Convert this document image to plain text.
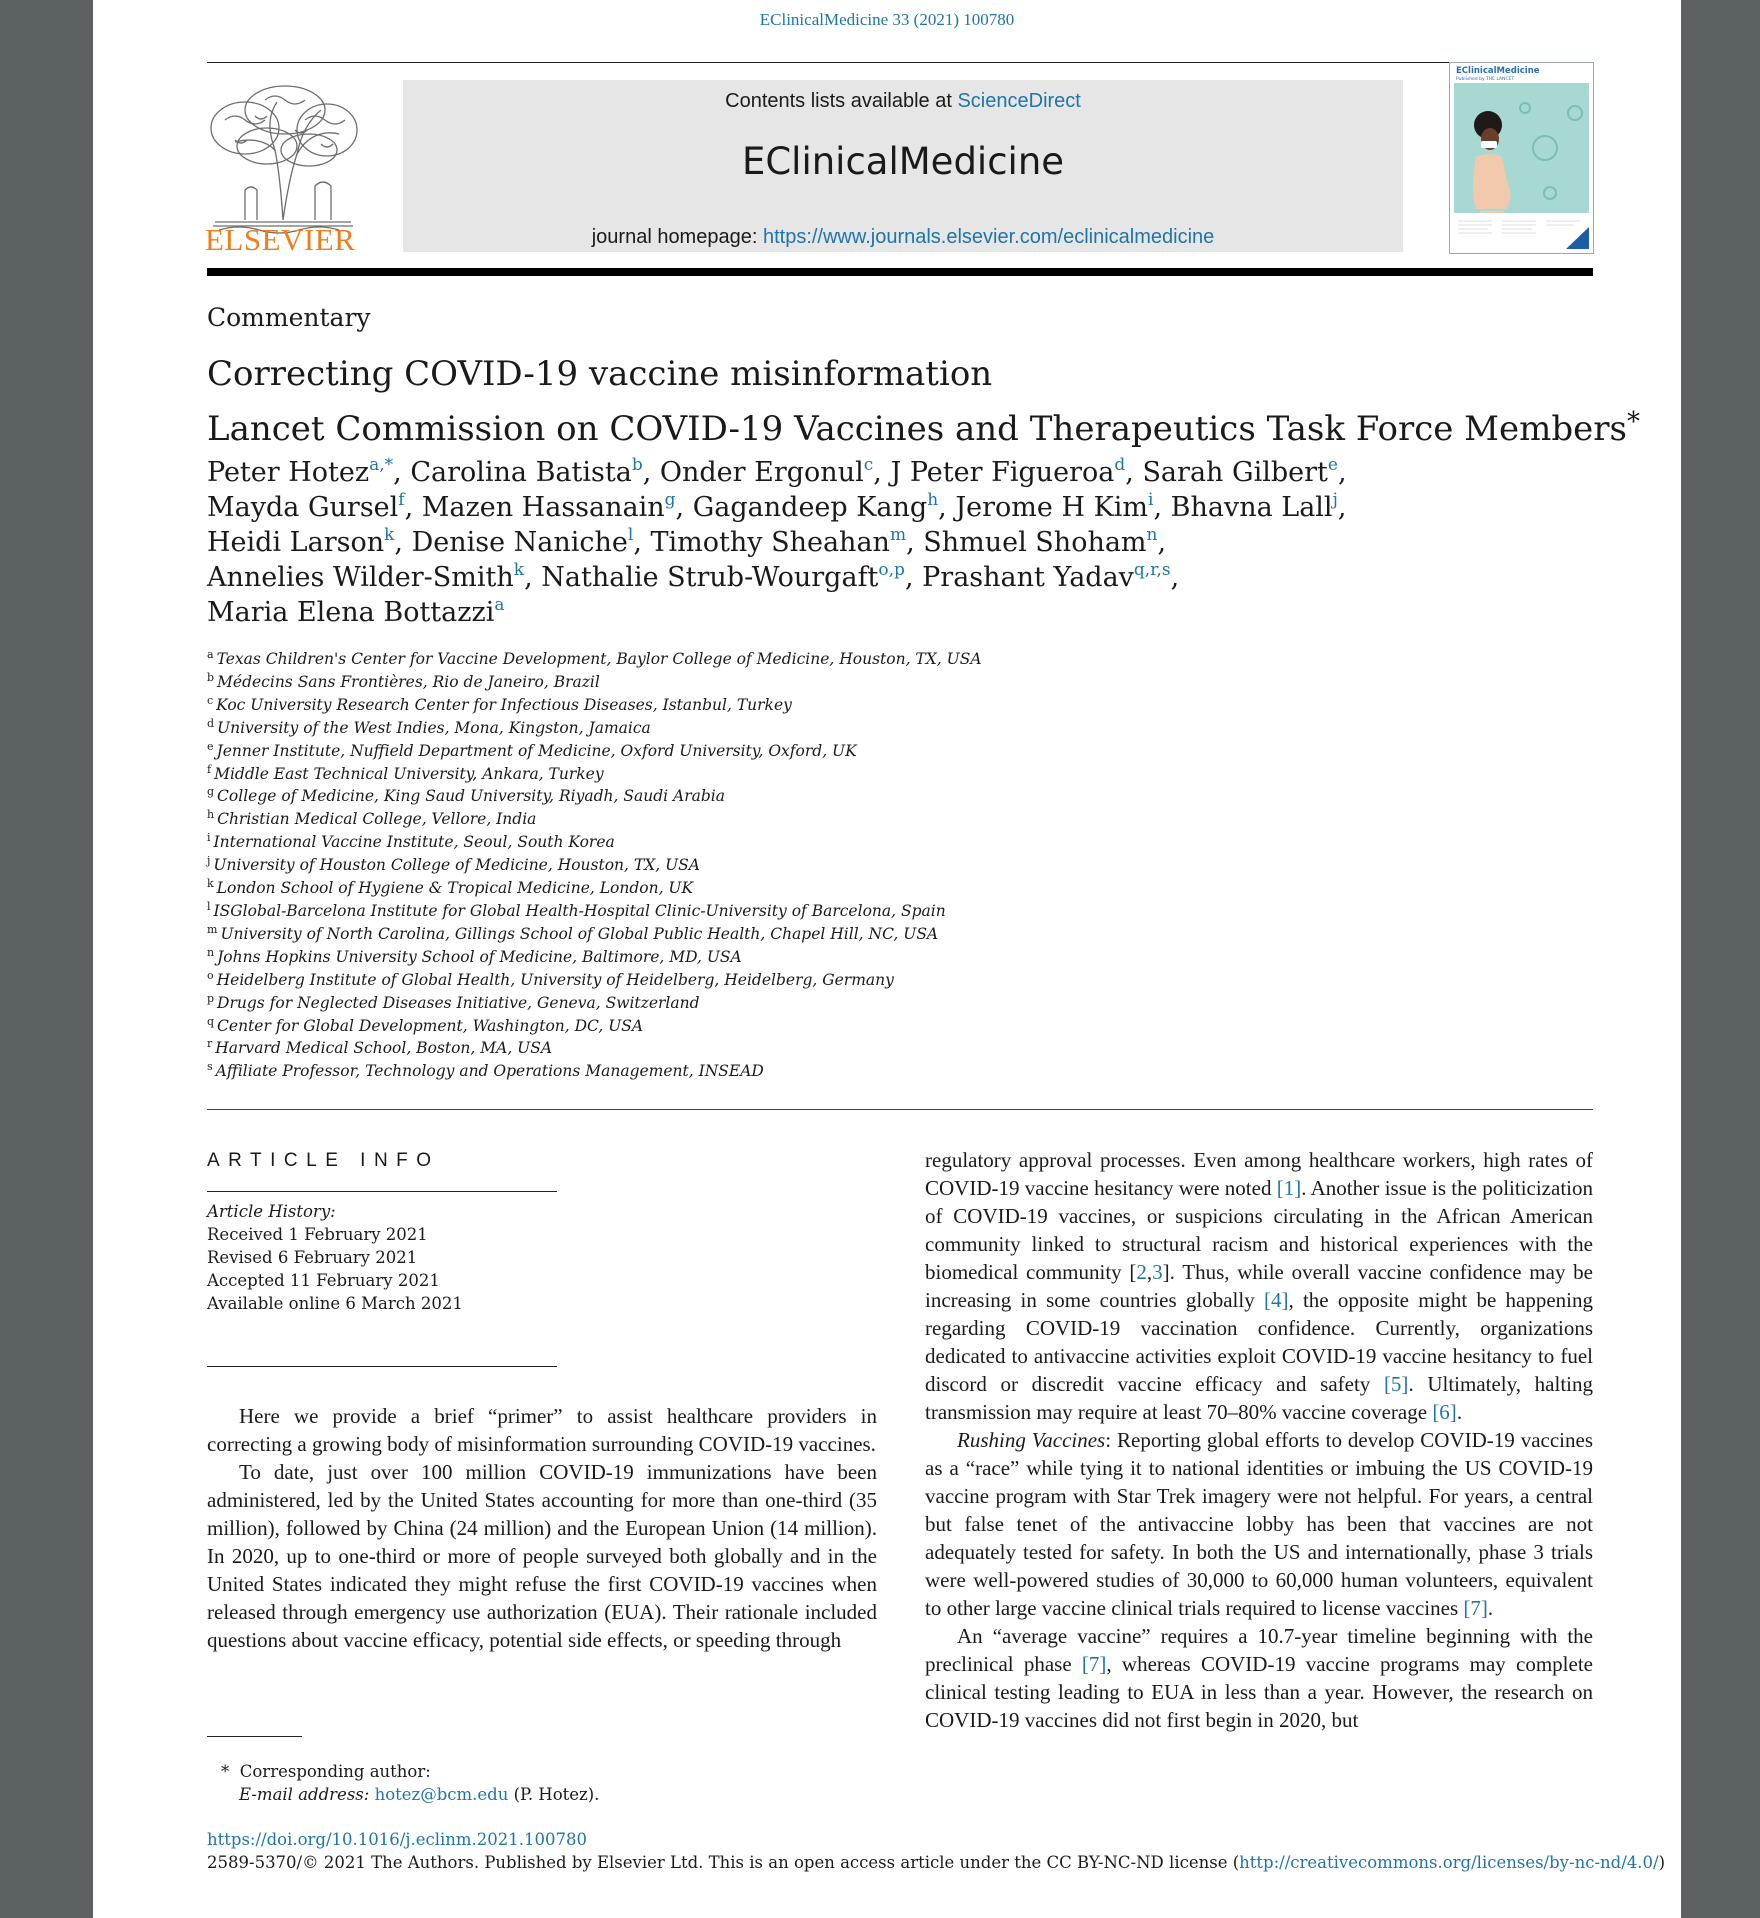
EClinicalMedicine 33 (2021) 100780
ELSEVIER
Contents lists available at ScienceDirect
EClinicalMedicine
journal homepage: https://www.journals.elsevier.com/eclinicalmedicine
EClinicalMedicine
Published by THE LANCET
Commentary
Correcting COVID-19 vaccine misinformation
Lancet Commission on COVID-19 Vaccines and Therapeutics Task Force Members*
Peter Hotez$^{a,*}$, Carolina Batista$^b$, Onder Ergonul$^c$, J Peter Figueroa$^d$, Sarah Gilbert$^e$,
Mayda Gursel$^f$, Mazen Hassanain$^g$, Gagandeep Kang$^h$, Jerome H Kim$^i$, Bhavna Lall$^j$,
Heidi Larson$^k$, Denise Naniche$^l$, Timothy Sheahan$^m$, Shmuel Shoham$^n$,
Annelies Wilder-Smith$^k$, Nathalie Strub-Wourgaft$^{o,p}$, Prashant Yadav$^{q,r,s}$,
Maria Elena Bottazzi$^a$
$^a$ Texas Children's Center for Vaccine Development, Baylor College of Medicine, Houston, TX, USA
$^b$ Médecins Sans Frontières, Rio de Janeiro, Brazil
$^c$ Koc University Research Center for Infectious Diseases, Istanbul, Turkey
$^d$ University of the West Indies, Mona, Kingston, Jamaica
$^e$ Jenner Institute, Nuffield Department of Medicine, Oxford University, Oxford, UK
$^f$ Middle East Technical University, Ankara, Turkey
$^g$ College of Medicine, King Saud University, Riyadh, Saudi Arabia
$^h$ Christian Medical College, Vellore, India
$^i$ International Vaccine Institute, Seoul, South Korea
$^j$ University of Houston College of Medicine, Houston, TX, USA
$^k$ London School of Hygiene & Tropical Medicine, London, UK
$^l$ ISGlobal-Barcelona Institute for Global Health-Hospital Clinic-University of Barcelona, Spain
$^m$ University of North Carolina, Gillings School of Global Public Health, Chapel Hill, NC, USA
$^n$ Johns Hopkins University School of Medicine, Baltimore, MD, USA
$^o$ Heidelberg Institute of Global Health, University of Heidelberg, Heidelberg, Germany
$^p$ Drugs for Neglected Diseases Initiative, Geneva, Switzerland
$^q$ Center for Global Development, Washington, DC, USA
$^r$ Harvard Medical School, Boston, MA, USA
$^s$ Affiliate Professor, Technology and Operations Management, INSEAD
ARTICLE INFO
Article History:
Received 1 February 2021
Revised 6 February 2021
Accepted 11 February 2021
Available online 6 March 2021

Here we provide a brief “primer” to assist healthcare providers in correcting a growing body of misinformation surrounding COVID-19 vaccines.

To date, just over 100 million COVID-19 immunizations have been administered, led by the United States accounting for more than one-third (35 million), followed by China (24 million) and the European Union (14 million). In 2020, up to one-third or more of people surveyed both globally and in the United States indicated they might refuse the first COVID-19 vaccines when released through emergency use authorization (EUA). Their rationale included questions about vaccine efficacy, potential side effects, or speeding through

regulatory approval processes. Even among healthcare workers, high rates of COVID-19 vaccine hesitancy were noted [1]. Another issue is the politicization of COVID-19 vaccines, or suspicions circulating in the African American community linked to structural racism and historical experiences with the biomedical community [2,3]. Thus, while overall vaccine confidence may be increasing in some countries globally [4], the opposite might be happening regarding COVID-19 vaccination confidence. Currently, organizations dedicated to antivaccine activities exploit COVID-19 vaccine hesitancy to fuel discord or discredit vaccine efficacy and safety [5]. Ultimately, halting transmission may require at least 70–80% vaccine coverage [6].

Rushing Vaccines: Reporting global efforts to develop COVID-19 vaccines as a “race” while tying it to national identities or imbuing the US COVID-19 vaccine program with Star Trek imagery were not helpful. For years, a central but false tenet of the antivaccine lobby has been that vaccines are not adequately tested for safety. In both the US and internationally, phase 3 trials were well-powered studies of 30,000 to 60,000 human volunteers, equivalent to other large vaccine clinical trials required to license vaccines [7].

An “average vaccine” requires a 10.7-year timeline beginning with the preclinical phase [7], whereas COVID-19 vaccine programs may complete clinical testing leading to EUA in less than a year. However, the research on COVID-19 vaccines did not first begin in 2020, but

* Corresponding author:
E-mail address: hotez@bcm.edu (P. Hotez).
https://doi.org/10.1016/j.eclinm.2021.100780
2589-5370/© 2021 The Authors. Published by Elsevier Ltd. This is an open access article under the CC BY-NC-ND license (http://creativecommons.org/licenses/by-nc-nd/4.0/)
